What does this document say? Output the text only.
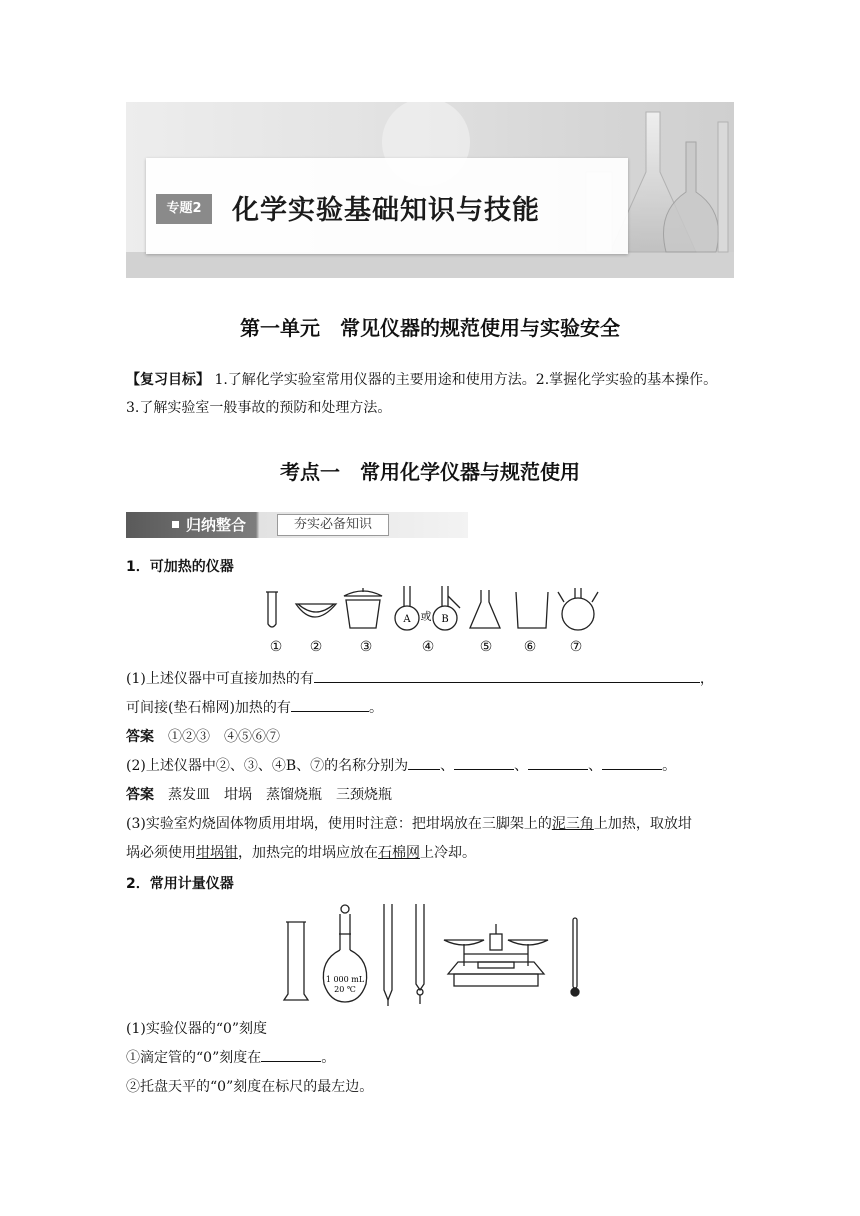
专题2	化学实验基础知识与技能
第一单元　常见仪器的规范使用与实验安全
【复习目标】 1.了解化学实验室常用仪器的主要用途和使用方法。2.掌握化学实验的基本操作。
3.了解实验室一般事故的预防和处理方法。
考点一　常用化学仪器与规范使用
归纳整合	夯实必备知识
1．可加热的仪器
A	B
或
①	②	③	④	⑤	⑥	⑦
(1)上述仪器中可直接加热的有	，
可间接(垫石棉网)加热的有	。
答案　 ①②③　④⑤⑥⑦
(2)上述仪器中②、③、④B、⑦的名称分别为 、	、	、	。
答案　 蒸发皿　坩埚　蒸馏烧瓶　三颈烧瓶
(3)实验室灼烧固体物质用坩埚，使用时注意：把坩埚放在三脚架上的泥三角上加热，取放坩
埚必须使用坩埚钳，加热完的坩埚应放在石棉网上冷却。
2．常用计量仪器
1 000 mL
20 ℃
(1)实验仪器的“0”刻度
①滴定管的“0”刻度在	。
②托盘天平的“0”刻度在标尺的最左边。
